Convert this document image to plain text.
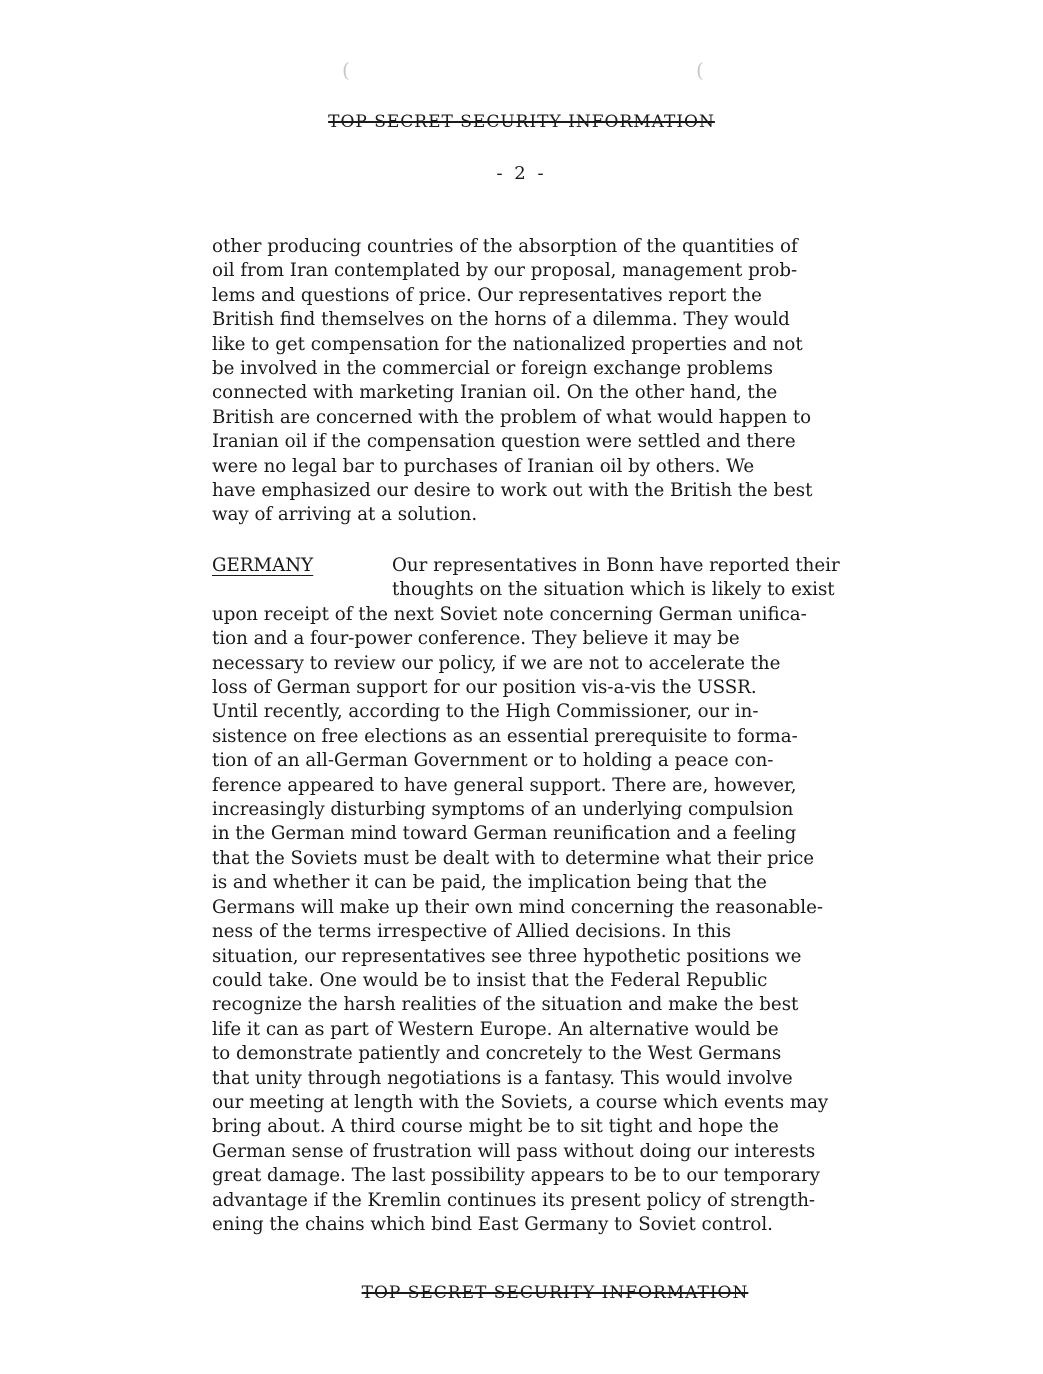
(	(
TOP SECRET SECURITY INFORMATION
- 2 -
other producing countries of the absorption of the quantities of
oil from Iran contemplated by our proposal, management prob-
lems and questions of price. Our representatives report the
British find themselves on the horns of a dilemma. They would
like to get compensation for the nationalized properties and not
be involved in the commercial or foreign exchange problems
connected with marketing Iranian oil. On the other hand, the
British are concerned with the problem of what would happen to
Iranian oil if the compensation question were settled and there
were no legal bar to purchases of Iranian oil by others. We
have emphasized our desire to work out with the British the best
way of arriving at a solution.
GERMANY	Our representatives in Bonn have reported their
thoughts on the situation which is likely to exist
upon receipt of the next Soviet note concerning German unifica-
tion and a four-power conference. They believe it may be
necessary to review our policy, if we are not to accelerate the
loss of German support for our position vis-a-vis the USSR.
Until recently, according to the High Commissioner, our in-
sistence on free elections as an essential prerequisite to forma-
tion of an all-German Government or to holding a peace con-
ference appeared to have general support. There are, however,
increasingly disturbing symptoms of an underlying compulsion
in the German mind toward German reunification and a feeling
that the Soviets must be dealt with to determine what their price
is and whether it can be paid, the implication being that the
Germans will make up their own mind concerning the reasonable-
ness of the terms irrespective of Allied decisions. In this
situation, our representatives see three hypothetic positions we
could take. One would be to insist that the Federal Republic
recognize the harsh realities of the situation and make the best
life it can as part of Western Europe. An alternative would be
to demonstrate patiently and concretely to the West Germans
that unity through negotiations is a fantasy. This would involve
our meeting at length with the Soviets, a course which events may
bring about. A third course might be to sit tight and hope the
German sense of frustration will pass without doing our interests
great damage. The last possibility appears to be to our temporary
advantage if the Kremlin continues its present policy of strength-
ening the chains which bind East Germany to Soviet control.
TOP SECRET SECURITY INFORMATION
